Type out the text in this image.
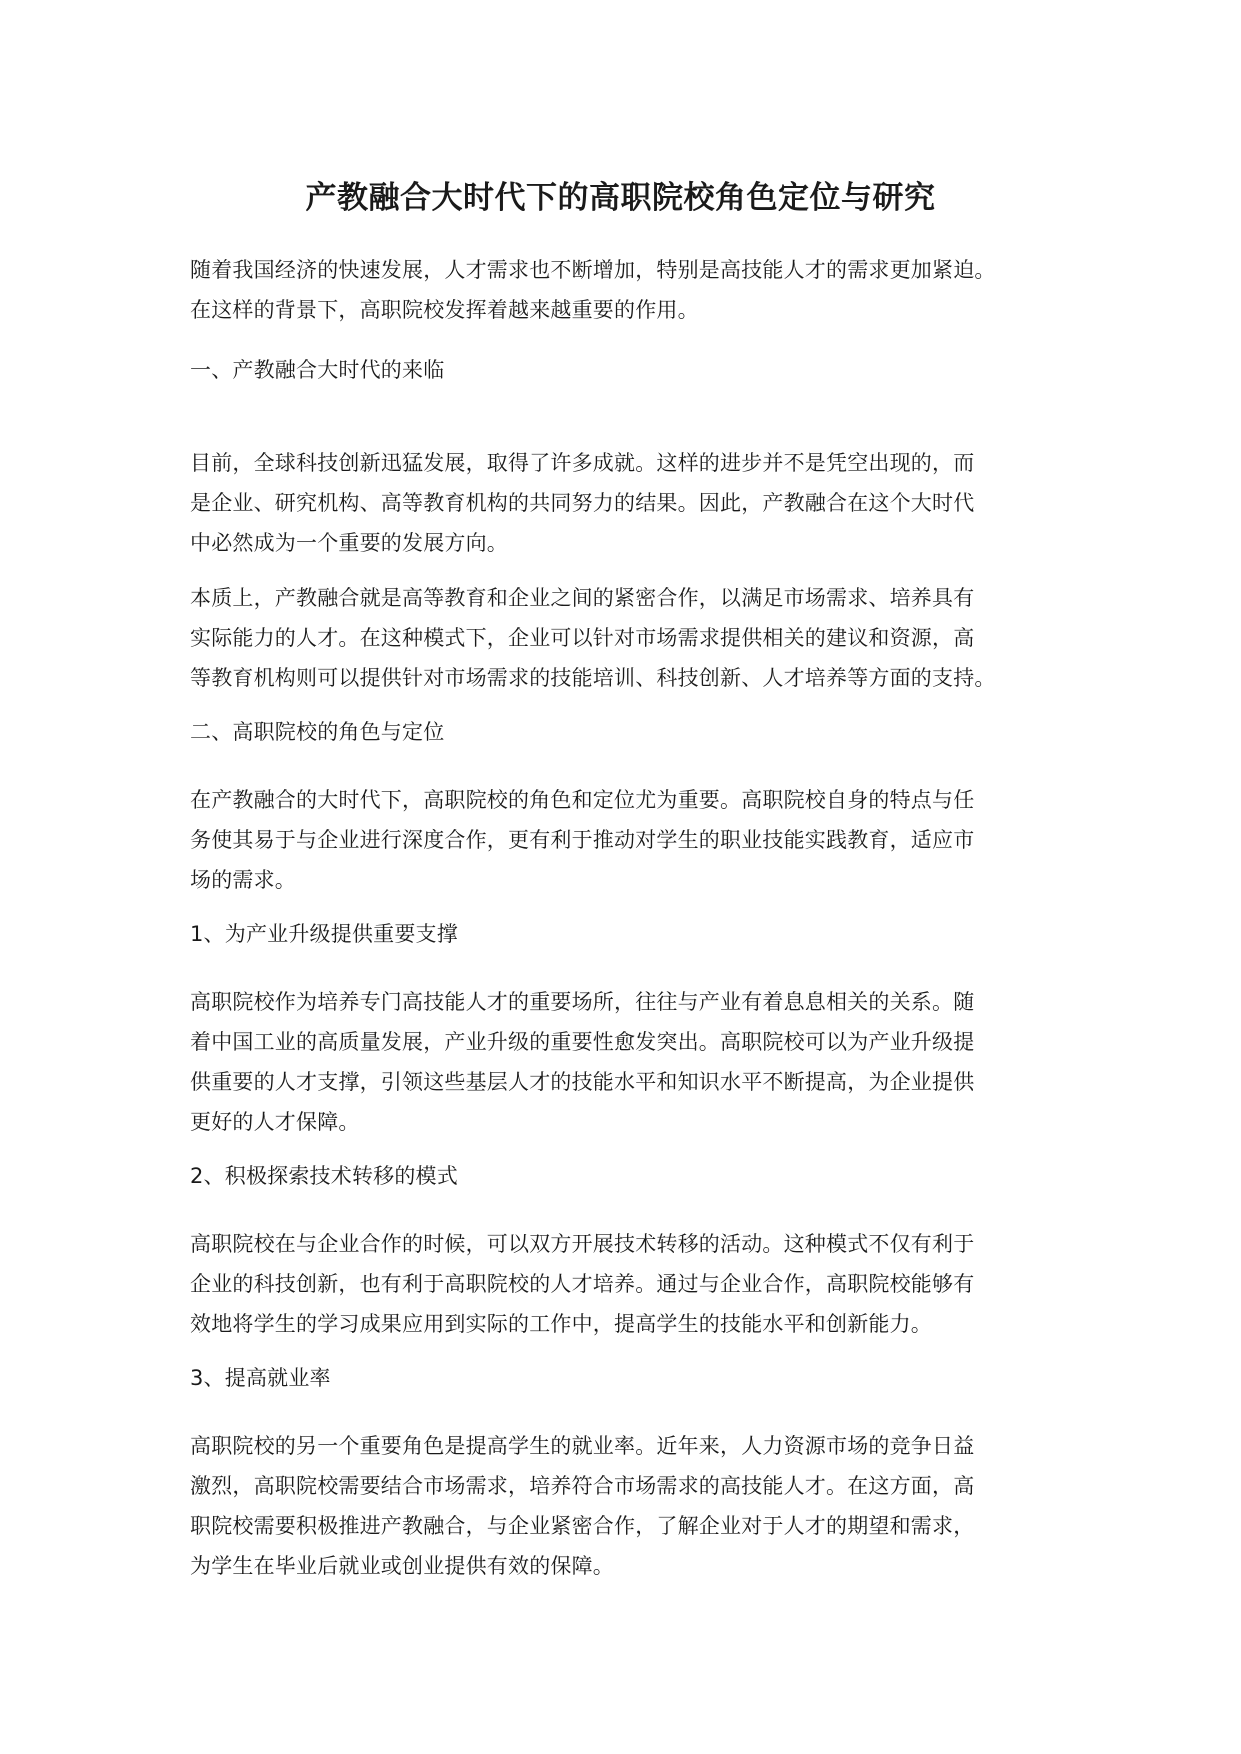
产教融合大时代下的高职院校角色定位与研究
随着我国经济的快速发展，人才需求也不断增加，特别是高技能人才的需求更加紧迫。
在这样的背景下，高职院校发挥着越来越重要的作用。
一、产教融合大时代的来临
目前，全球科技创新迅猛发展，取得了许多成就。这样的进步并不是凭空出现的，而
是企业、研究机构、高等教育机构的共同努力的结果。因此，产教融合在这个大时代
中必然成为一个重要的发展方向。
本质上，产教融合就是高等教育和企业之间的紧密合作，以满足市场需求、培养具有
实际能力的人才。在这种模式下，企业可以针对市场需求提供相关的建议和资源，高
等教育机构则可以提供针对市场需求的技能培训、科技创新、人才培养等方面的支持。
二、高职院校的角色与定位
在产教融合的大时代下，高职院校的角色和定位尤为重要。高职院校自身的特点与任
务使其易于与企业进行深度合作，更有利于推动对学生的职业技能实践教育，适应市
场的需求。
1、为产业升级提供重要支撑
高职院校作为培养专门高技能人才的重要场所，往往与产业有着息息相关的关系。随
着中国工业的高质量发展，产业升级的重要性愈发突出。高职院校可以为产业升级提
供重要的人才支撑，引领这些基层人才的技能水平和知识水平不断提高，为企业提供
更好的人才保障。
2、积极探索技术转移的模式
高职院校在与企业合作的时候，可以双方开展技术转移的活动。这种模式不仅有利于
企业的科技创新，也有利于高职院校的人才培养。通过与企业合作，高职院校能够有
效地将学生的学习成果应用到实际的工作中，提高学生的技能水平和创新能力。
3、提高就业率
高职院校的另一个重要角色是提高学生的就业率。近年来，人力资源市场的竞争日益
激烈，高职院校需要结合市场需求，培养符合市场需求的高技能人才。在这方面，高
职院校需要积极推进产教融合，与企业紧密合作，了解企业对于人才的期望和需求，
为学生在毕业后就业或创业提供有效的保障。
